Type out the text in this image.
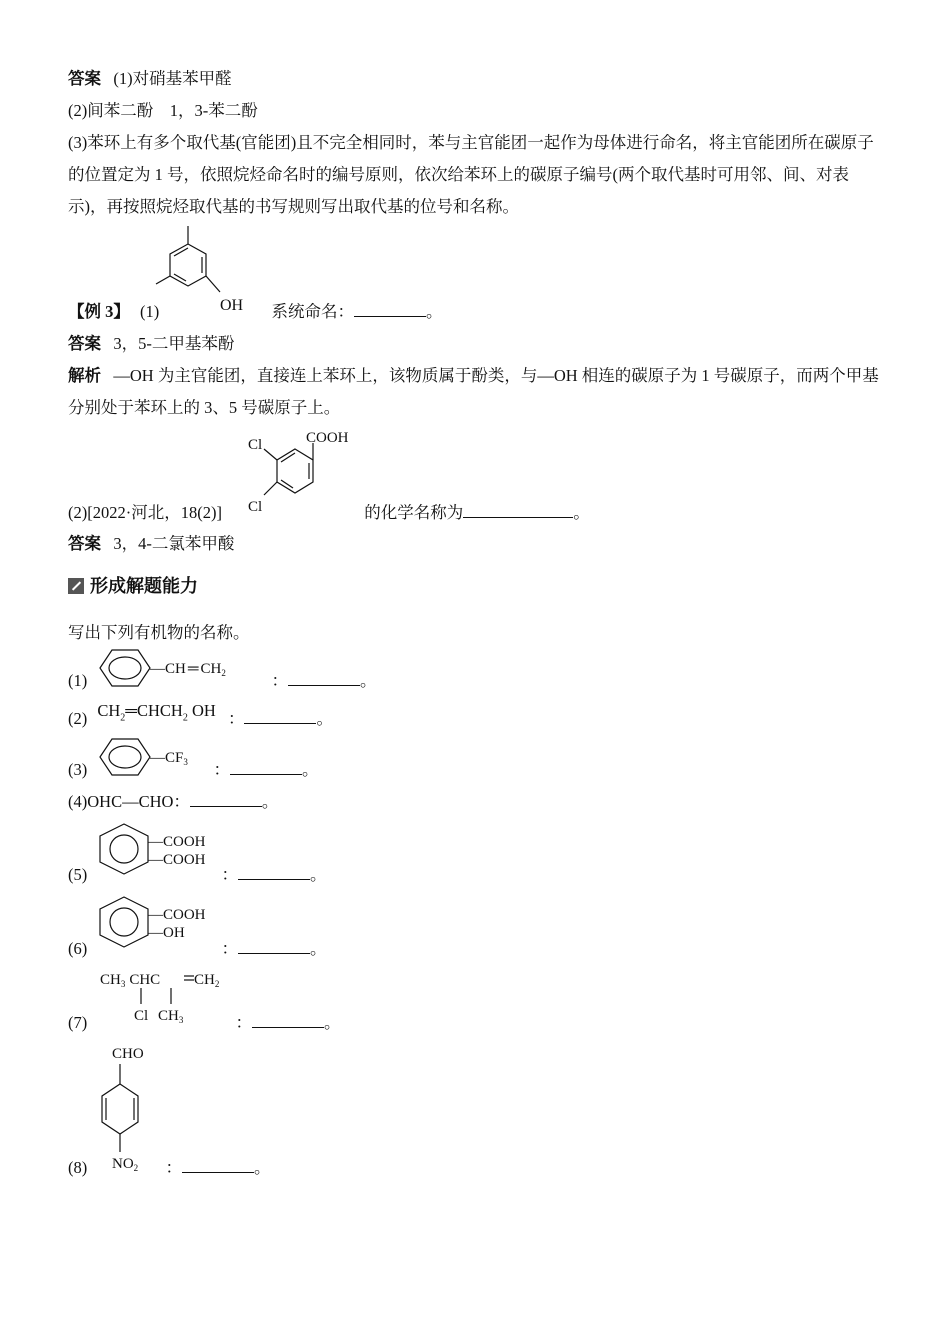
答案 (1)对硝基苯甲醛
(2)间苯二酚　1，3-苯二酚
(3)苯环上有多个取代基(官能团)且不完全相同时，苯与主官能团一起作为母体进行命名，将主官能团所在碳原子的位置定为 1 号，依照烷烃命名时的编号原则，依次给苯环上的碳原子编号(两个取代基时可用邻、间、对表示)，再按照烷烃取代基的书写规则写出取代基的位号和名称。
OH
【例 3】 (1)	系统命名：	。
答案 3，5-二甲基苯酚
解析 —OH 为主官能团，直接连上苯环上，该物质属于酚类，与—OH 相连的碳原子为 1 号碳原子，而两个甲基分别处于苯环上的 3、5 号碳原子上。
COOH
Cl
Cl
(2)[2022·河北，18(2)]	的化学名称为	。
答案 3，4-二氯苯甲酸
形成解题能力
写出下列有机物的名称。
—CH ═ $CH_2$
(1)	：	。
(2) $CH_2═CHCH_2$ OH ：	。
$—CF_3$
(3)	：	。
(4)OHC—CHO：	。
—COOH
—COOH
(5)	：	。
—COOH
—OH
(6)	：	。
$CH_3$ CHC $CH_2$
Cl $CH_3$
(7)	：	。
CHO
$NO_2$
(8)	：	。
